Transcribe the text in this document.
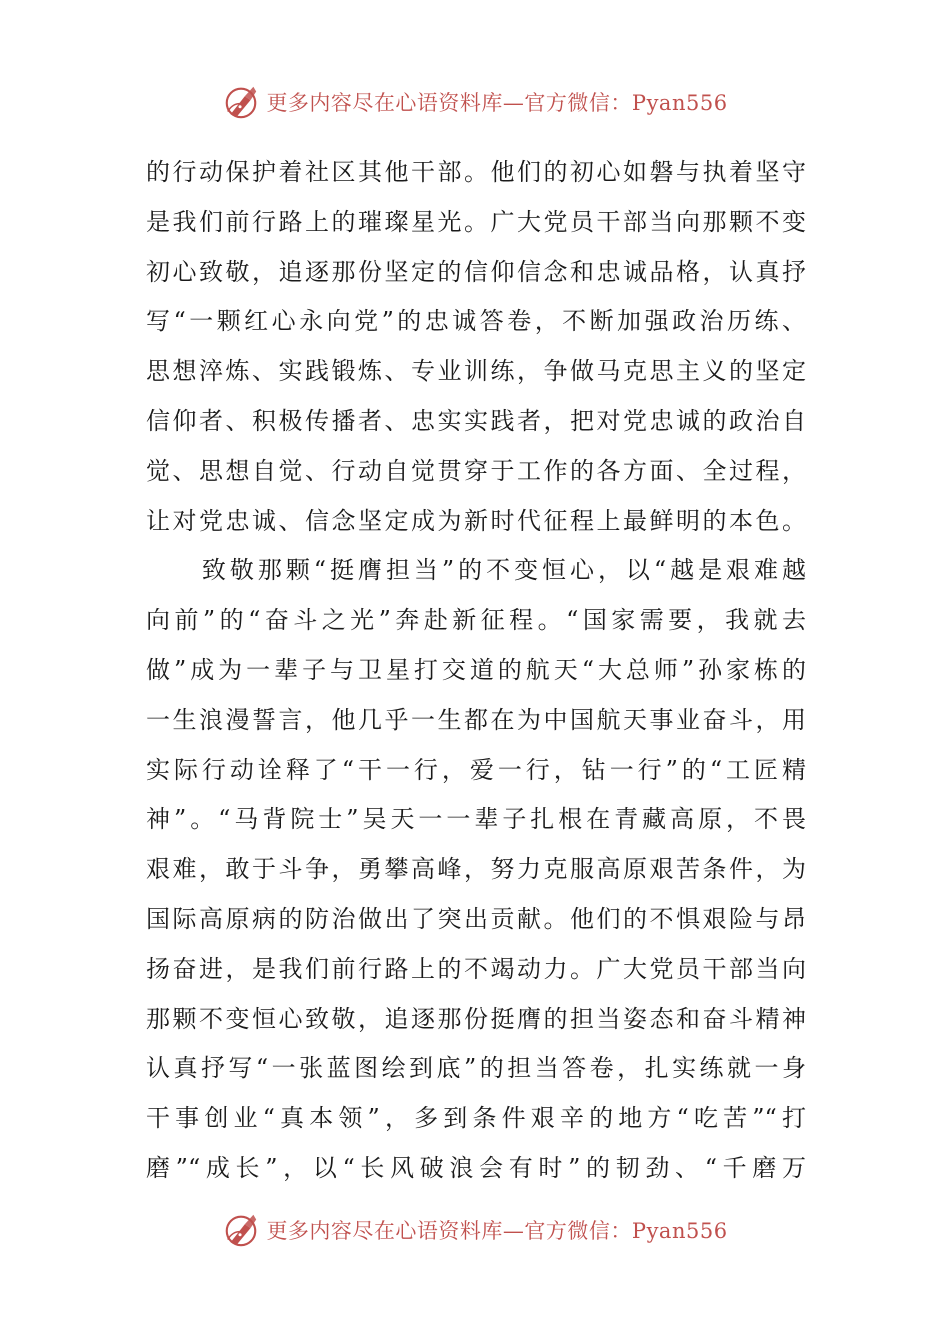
更多内容尽在心语资料库—官方微信：Pyan556
的行动保护着社区其他干部。他们的初心如磐与执着坚守
是我们前行路上的璀璨星光。广大党员干部当向那颗不变
初心致敬，追逐那份坚定的信仰信念和忠诚品格，认真抒
写“一颗红心永向党”的忠诚答卷，不断加强政治历练、
思想淬炼、实践锻炼、专业训练，争做马克思主义的坚定
信仰者、积极传播者、忠实实践者，把对党忠诚的政治自
觉、思想自觉、行动自觉贯穿于工作的各方面、全过程，
让对党忠诚、信念坚定成为新时代征程上最鲜明的本色。
　　致敬那颗“挺膺担当”的不变恒心，以“越是艰难越
向前”的“奋斗之光”奔赴新征程。“国家需要，我就去
做”成为一辈子与卫星打交道的航天“大总师”孙家栋的
一生浪漫誓言，他几乎一生都在为中国航天事业奋斗，用
实际行动诠释了“干一行，爱一行，钻一行”的“工匠精
神”。“马背院士”吴天一一辈子扎根在青藏高原，不畏
艰难，敢于斗争，勇攀高峰，努力克服高原艰苦条件，为
国际高原病的防治做出了突出贡献。他们的不惧艰险与昂
扬奋进，是我们前行路上的不竭动力。广大党员干部当向
那颗不变恒心致敬，追逐那份挺膺的担当姿态和奋斗精神
认真抒写“一张蓝图绘到底”的担当答卷，扎实练就一身
干事创业“真本领”，多到条件艰辛的地方“吃苦”“打
磨”“成长”，以“长风破浪会有时”的韧劲、“千磨万
更多内容尽在心语资料库—官方微信：Pyan556
